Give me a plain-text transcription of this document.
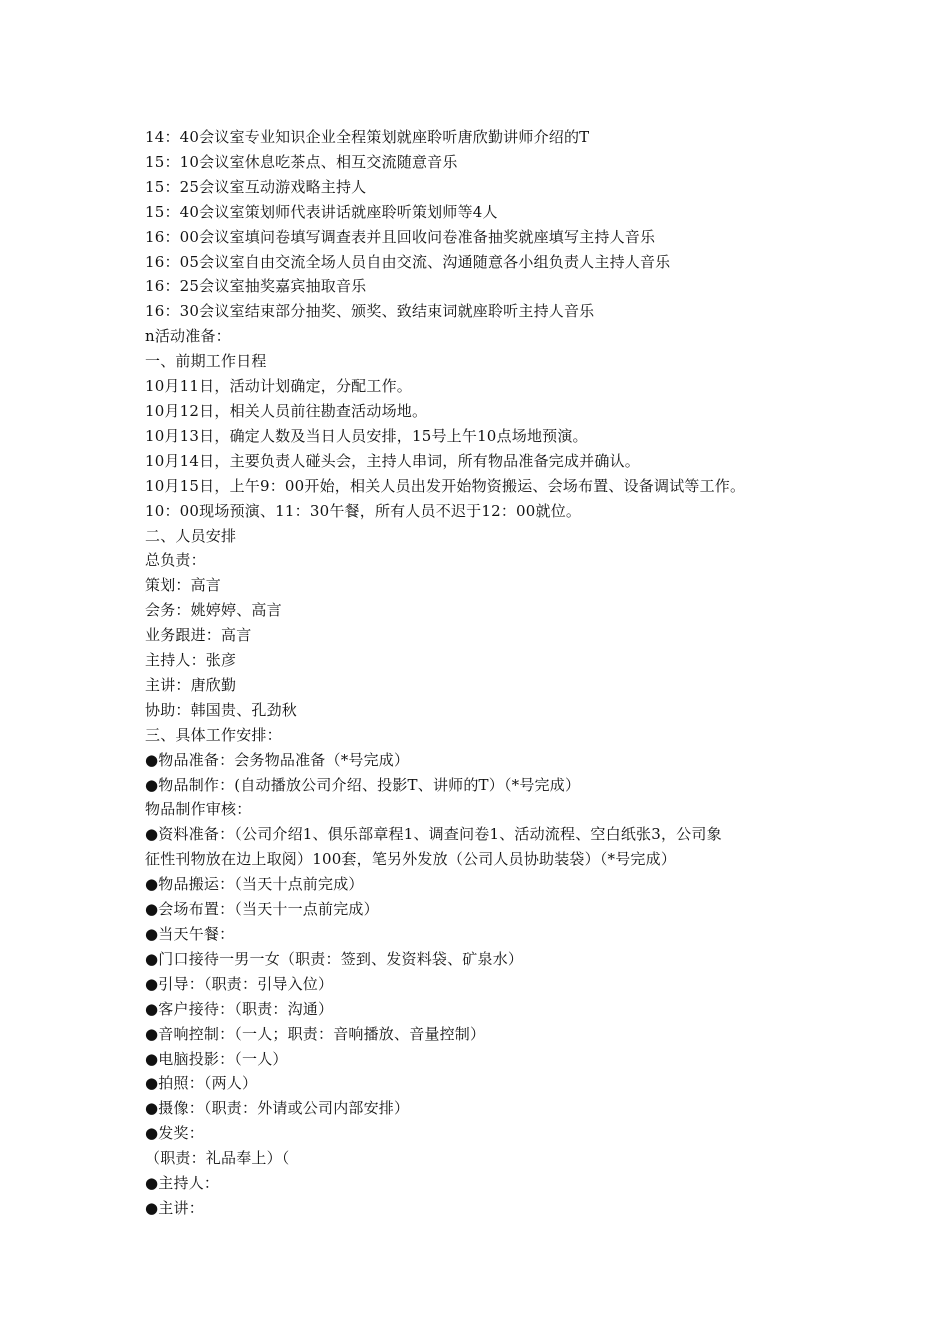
14：40会议室专业知识企业全程策划就座聆听唐欣勤讲师介绍的T
15：10会议室休息吃茶点、相互交流随意音乐
15：25会议室互动游戏略主持人
15：40会议室策划师代表讲话就座聆听策划师等4人
16：00会议室填问卷填写调查表并且回收问卷准备抽奖就座填写主持人音乐
16：05会议室自由交流全场人员自由交流、沟通随意各小组负责人主持人音乐
16：25会议室抽奖嘉宾抽取音乐
16：30会议室结束部分抽奖、颁奖、致结束词就座聆听主持人音乐
n活动准备：
一、前期工作日程
10月11日，活动计划确定，分配工作。
10月12日，相关人员前往勘查活动场地。
10月13日，确定人数及当日人员安排，15号上午10点场地预演。
10月14日，主要负责人碰头会，主持人串词，所有物品准备完成并确认。
10月15日，上午9：00开始，相关人员出发开始物资搬运、会场布置、设备调试等工作。
10：00现场预演、11：30午餐，所有人员不迟于12：00就位。
二、人员安排
总负责：
策划：高言
会务：姚婷婷、高言
业务跟进：高言
主持人：张彦
主讲：唐欣勤
协助：韩国贵、孔劲秋
三、具体工作安排：
●物品准备：会务物品准备（*号完成）
●物品制作：(自动播放公司介绍、投影T、讲师的T）（*号完成）
物品制作审核：
●资料准备：（公司介绍1、俱乐部章程1、调查问卷1、活动流程、空白纸张3，公司象
征性刊物放在边上取阅）100套，笔另外发放（公司人员协助装袋）（*号完成）
●物品搬运：（当天十点前完成）
●会场布置：（当天十一点前完成）
●当天午餐：
●门口接待一男一女（职责：签到、发资料袋、矿泉水）
●引导：（职责：引导入位）
●客户接待：（职责：沟通）
●音响控制：（一人；职责：音响播放、音量控制）
●电脑投影：（一人）
●拍照：（两人）
●摄像：（职责：外请或公司内部安排）
●发奖：
（职责：礼品奉上）（
●主持人：
●主讲：
